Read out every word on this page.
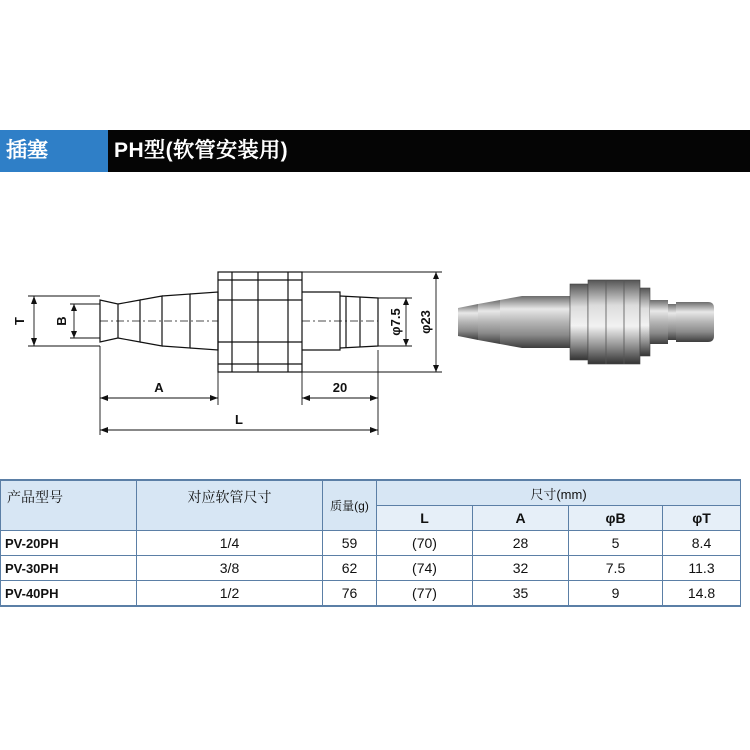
插塞	PH型(软管安装用)
T B
A	20
L
φ7.5 φ23
产品型号	对应软管尺寸	质量(g)	尺寸(mm)			
			L	A	φB	φT
PV-20PH	1/4	59	(70)	28	5	8.4
PV-30PH	3/8	62	(74)	32	7.5	11.3
PV-40PH	1/2	76	(77)	35	9	14.8
